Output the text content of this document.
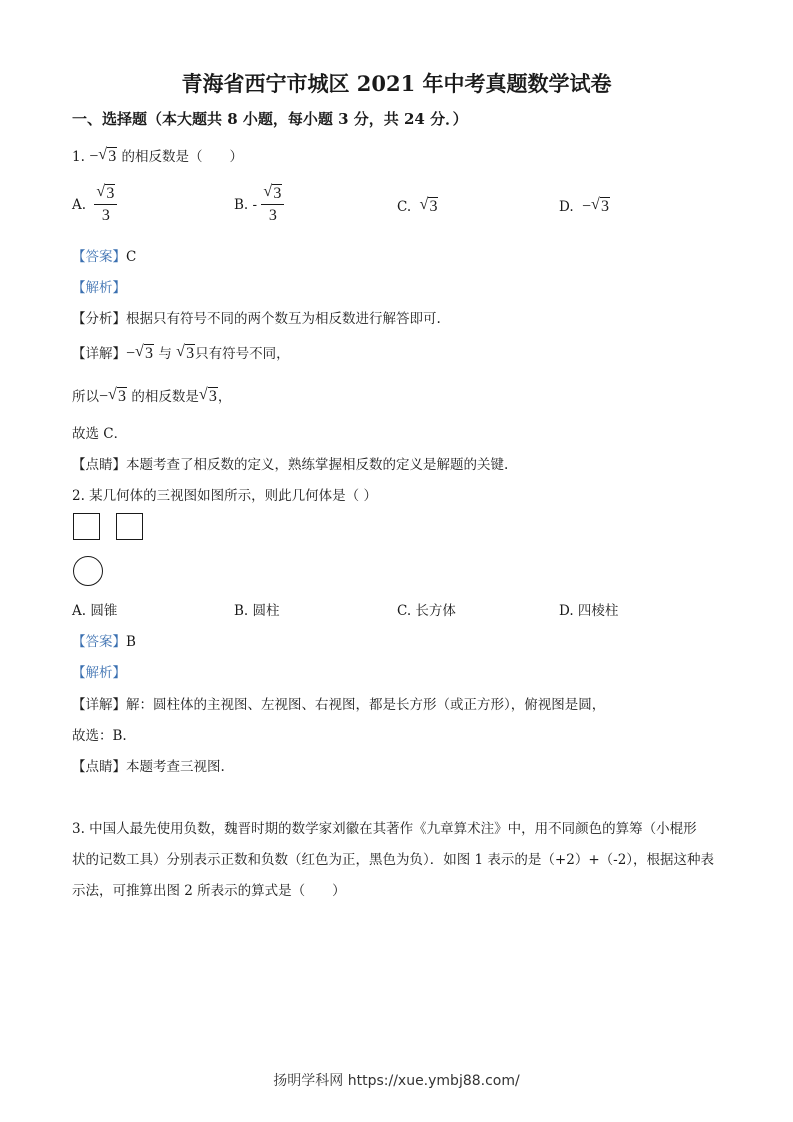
青海省西宁市城区 2021 年中考真题数学试卷
一、选择题（本大题共 8 小题，每小题 3 分，共 24 分．）
1. − √ 3 的相反数是（　　）
A. $\frac{√ 3}{3}$	B. - $\frac{√ 3}{3}$	C. √ 3	D. − √ 3
【答案】C
【解析】
【分析】根据只有符号不同的两个数互为相反数进行解答即可.
【详解】− √ 3 与 √ 3只有符号不同，
所以− √ 3 的相反数是 √ 3，
故选 C．
【点睛】本题考查了相反数的定义，熟练掌握相反数的定义是解题的关键.
2. 某几何体的三视图如图所示，则此几何体是（ ）
A. 圆锥	B. 圆柱	C. 长方体	D. 四棱柱
【答案】B
【解析】
【详解】解：圆柱体的主视图、左视图、右视图，都是长方形（或正方形），俯视图是圆，
故选：B.
【点睛】本题考查三视图.
3. 中国人最先使用负数，魏晋时期的数学家刘徽在其著作《九章算术注》中，用不同颜色的算筹（小棍形
状的记数工具）分别表示正数和负数（红色为正，黑色为负）．如图 1 表示的是（+2）+（-2），根据这种表
示法，可推算出图 2 所表示的算式是（　　）
扬明学科网 https://xue.ymbj88.com/
